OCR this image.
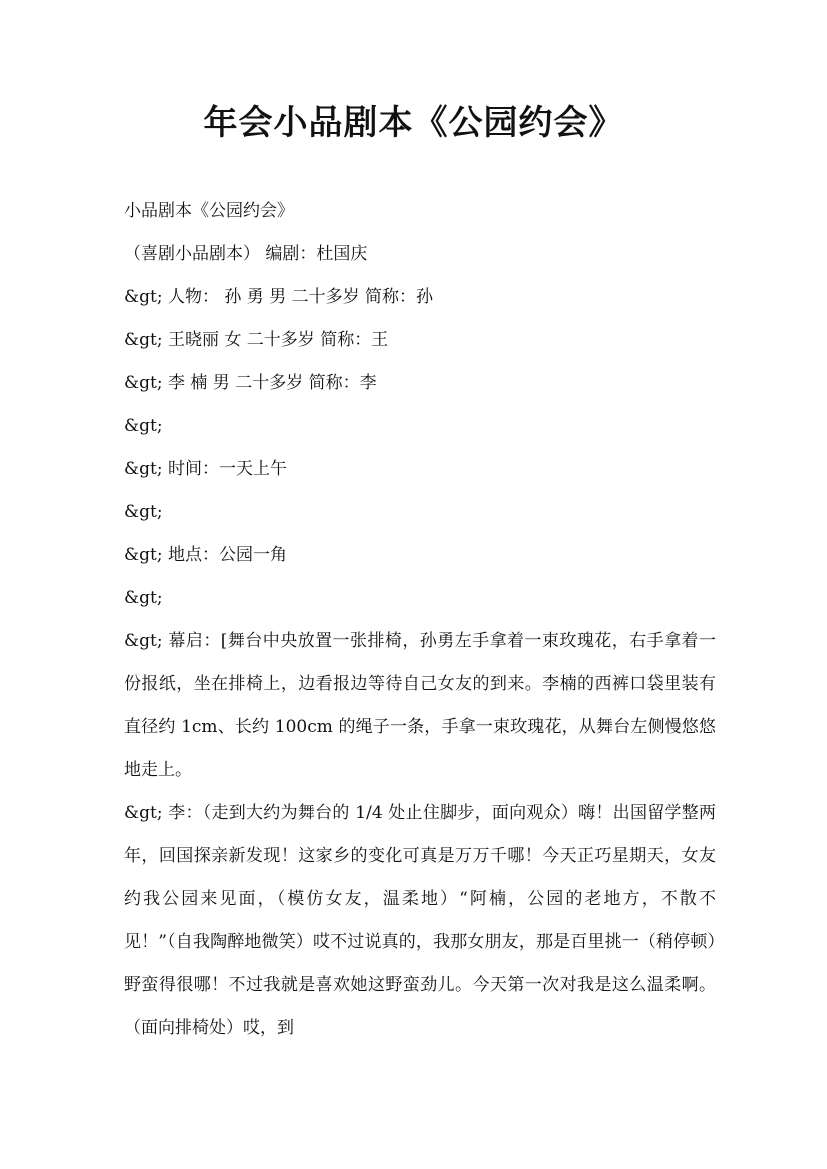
年会小品剧本《公园约会》
小品剧本《公园约会》
（喜剧小品剧本） 编剧：杜国庆
&gt; 人物： 孙 勇 男 二十多岁 简称：孙
&gt; 王晓丽 女 二十多岁 简称：王
&gt; 李 楠 男 二十多岁 简称：李
&gt;
&gt; 时间：一天上午
&gt;
&gt; 地点：公园一角
&gt;

&gt; 幕启：[舞台中央放置一张排椅，孙勇左手拿着一束玫瑰花，右手拿着一份报纸，坐在排椅上，边看报边等待自己女友的到来。李楠的西裤口袋里装有直径约 1cm、长约 100cm 的绳子一条，手拿一束玫瑰花，从舞台左侧慢悠悠地走上。

&gt; 李：（走到大约为舞台的 1/4 处止住脚步，面向观众）嗨！出国留学整两年，回国探亲新发现！这家乡的变化可真是万万千哪！今天正巧星期天，女友约我公园来见面，（模仿女友，温柔地）“阿楠，公园的老地方，不散不见！”（自我陶醉地微笑）哎不过说真的，我那女朋友，那是百里挑一（稍停顿）野蛮得很哪！不过我就是喜欢她这野蛮劲儿。今天第一次对我是这么温柔啊。（面向排椅处）哎，到
